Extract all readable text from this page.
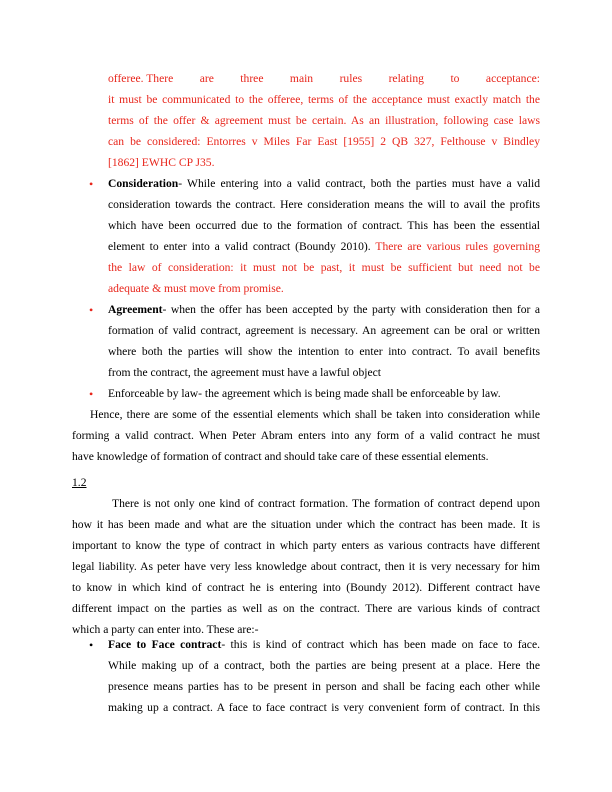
offeree. There are three main rules relating to acceptance:
it must be communicated to the offeree, terms of the acceptance must exactly match the
terms of the offer & agreement must be certain. As an illustration, following case laws
can be considered: Entorres v Miles Far East [1955] 2 QB 327, Felthouse v Bindley
[1862] EWHC CP J35.
• Consideration- While entering into a valid contract, both the parties must have a valid
consideration towards the contract. Here consideration means the will to avail the profits
which have been occurred due to the formation of contract. This has been the essential
element to enter into a valid contract (Boundy 2010). There are various rules governing
the law of consideration: it must not be past, it must be sufficient but need not be
adequate & must move from promise.
• Agreement- when the offer has been accepted by the party with consideration then for a
formation of valid contract, agreement is necessary. An agreement can be oral or written
where both the parties will show the intention to enter into contract. To avail benefits
from the contract, the agreement must have a lawful object
• Enforceable by law- the agreement which is being made shall be enforceable by law.
Hence, there are some of the essential elements which shall be taken into consideration while
forming a valid contract. When Peter Abram enters into any form of a valid contract he must
have knowledge of formation of contract and should take care of these essential elements.
1.2
There is not only one kind of contract formation. The formation of contract depend upon
how it has been made and what are the situation under which the contract has been made. It is
important to know the type of contract in which party enters as various contracts have different
legal liability. As peter have very less knowledge about contract, then it is very necessary for him
to know in which kind of contract he is entering into (Boundy 2012). Different contract have
different impact on the parties as well as on the contract. There are various kinds of contract
which a party can enter into. These are:-
• Face to Face contract- this is kind of contract which has been made on face to face.
While making up of a contract, both the parties are being present at a place. Here the
presence means parties has to be present in person and shall be facing each other while
making up a contract. A face to face contract is very convenient form of contract. In this
